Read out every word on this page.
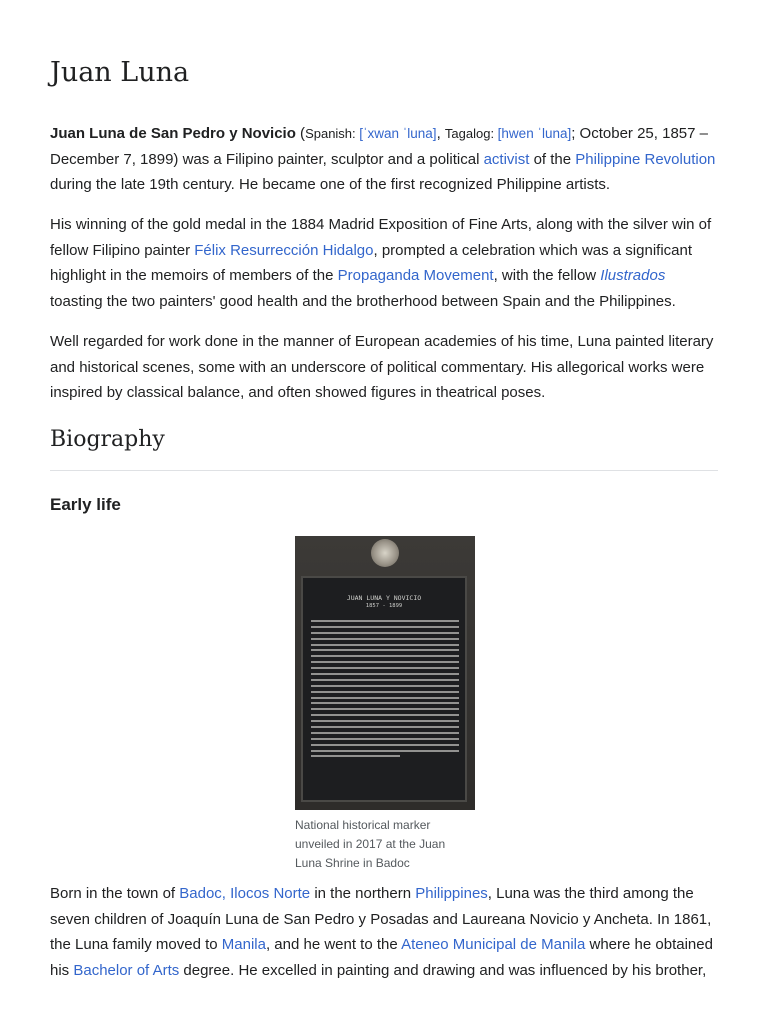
Juan Luna

Juan Luna de San Pedro y Novicio (Spanish: [ˈxwan ˈluna], Tagalog: [hwen ˈluna]; October 25, 1857 – December 7, 1899) was a Filipino painter, sculptor and a political activist of the Philippine Revolution during the late 19th century. He became one of the first recognized Philippine artists.

His winning of the gold medal in the 1884 Madrid Exposition of Fine Arts, along with the silver win of fellow Filipino painter Félix Resurrección Hidalgo, prompted a celebration which was a significant highlight in the memoirs of members of the Propaganda Movement, with the fellow Ilustrados toasting the two painters' good health and the brotherhood between Spain and the Philippines.

Well regarded for work done in the manner of European academies of his time, Luna painted literary and historical scenes, some with an underscore of political commentary. His allegorical works were inspired by classical balance, and often showed figures in theatrical poses.

Biography
Early life
JUAN LUNA Y NOVICIO
1857 - 1899

National historical marker unveiled in 2017 at the Juan Luna Shrine in Badoc

Born in the town of Badoc, Ilocos Norte in the northern Philippines, Luna was the third among the seven children of Joaquín Luna de San Pedro y Posadas and Laureana Novicio y Ancheta. In 1861, the Luna family moved to Manila, and he went to the Ateneo Municipal de Manila where he obtained his Bachelor of Arts degree. He excelled in painting and drawing and was influenced by his brother,
